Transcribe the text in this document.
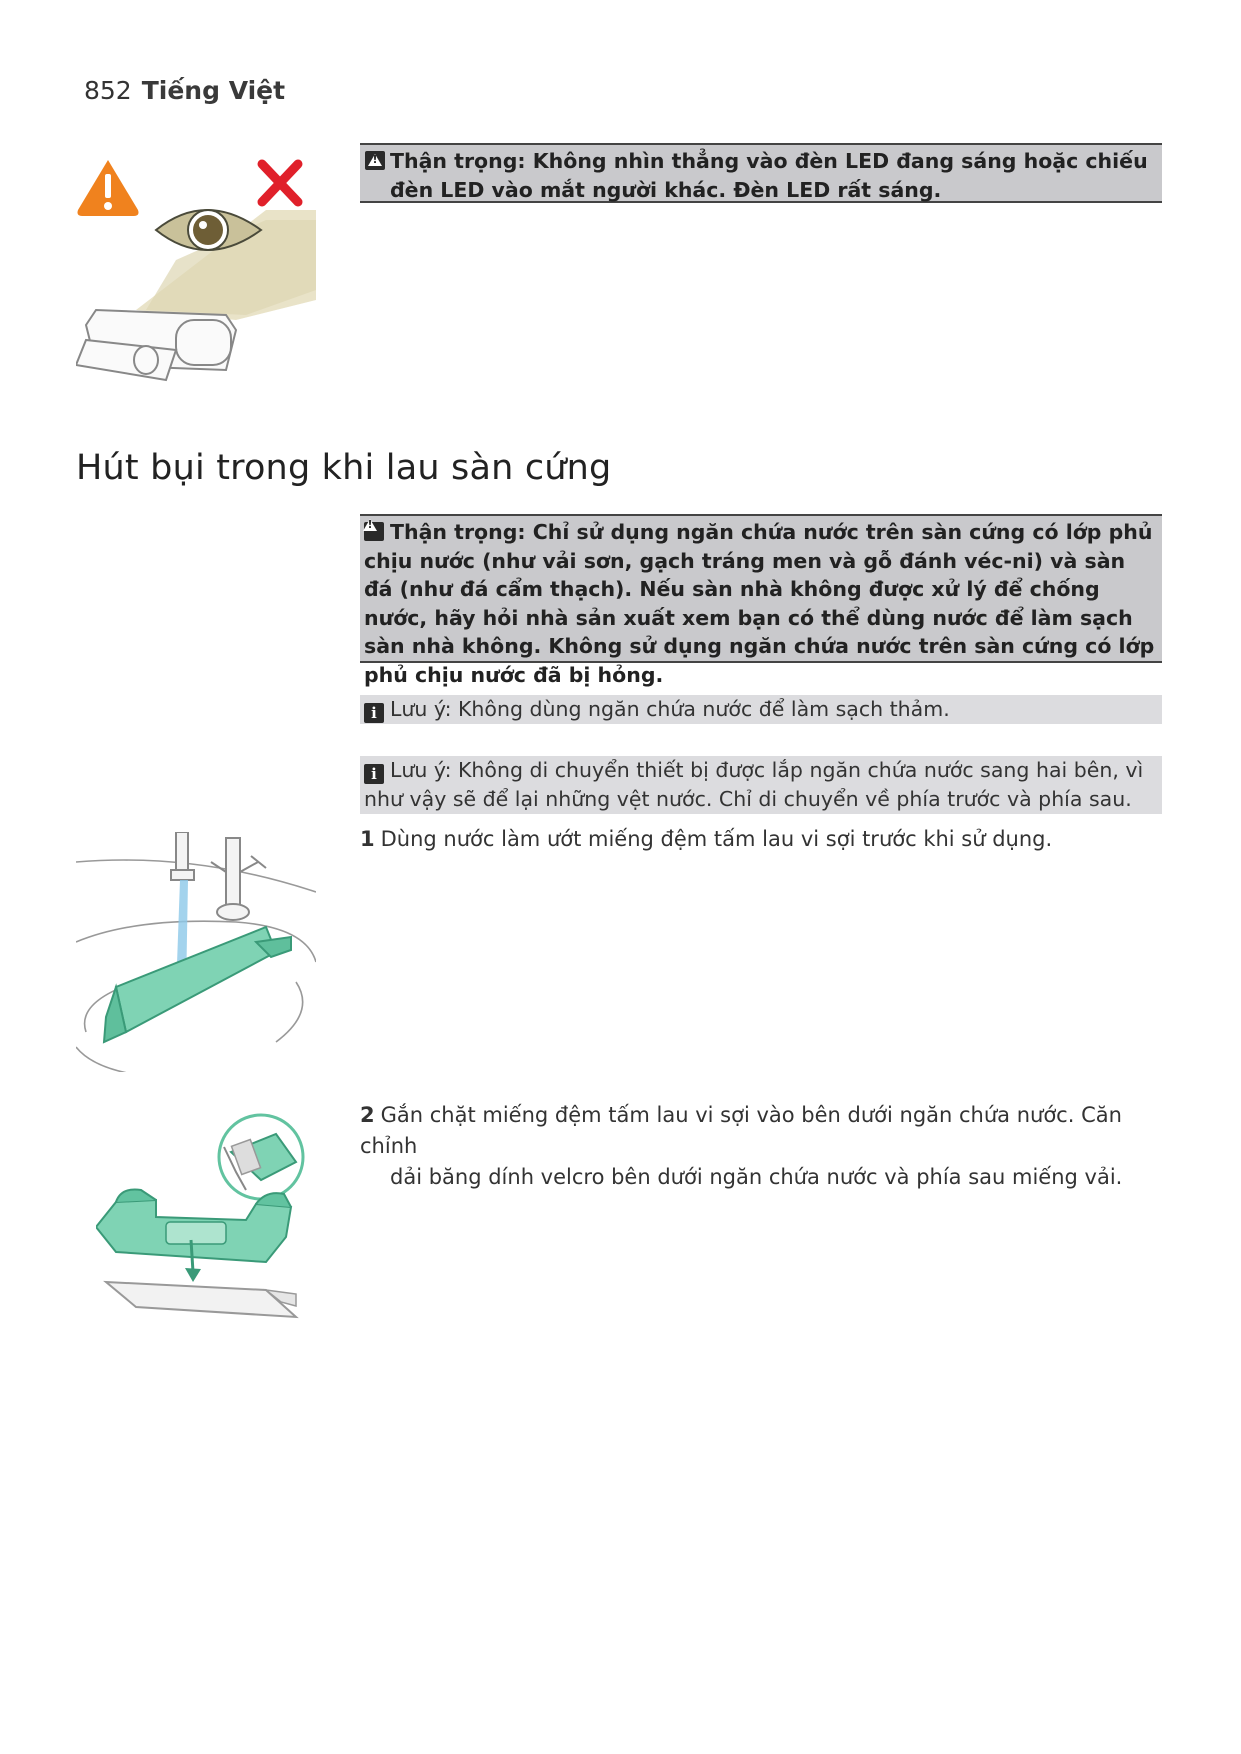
852 Tiếng Việt
!
Thận trọng: Không nhìn thẳng vào đèn LED đang sáng hoặc chiếu đèn LED vào mắt người khác. Đèn LED rất sáng.
Hút bụi trong khi lau sàn cứng
!Thận trọng: Chỉ sử dụng ngăn chứa nước trên sàn cứng có lớp phủ chịu nước (như vải sơn, gạch tráng men và gỗ đánh véc-ni) và sàn đá (như đá cẩm thạch). Nếu sàn nhà không được xử lý để chống nước, hãy hỏi nhà sản xuất xem bạn có thể dùng nước để làm sạch sàn nhà không. Không sử dụng ngăn chứa nước trên sàn cứng có lớp phủ chịu nước đã bị hỏng.
i Lưu ý: Không dùng ngăn chứa nước để làm sạch thảm.
i Lưu ý: Không di chuyển thiết bị được lắp ngăn chứa nước sang hai bên, vì như vậy sẽ để lại những vệt nước. Chỉ di chuyển về phía trước và phía sau.
1 Dùng nước làm ướt miếng đệm tấm lau vi sợi trước khi sử dụng.
2 Gắn chặt miếng đệm tấm lau vi sợi vào bên dưới ngăn chứa nước. Căn chỉnh
dải băng dính velcro bên dưới ngăn chứa nước và phía sau miếng vải.
